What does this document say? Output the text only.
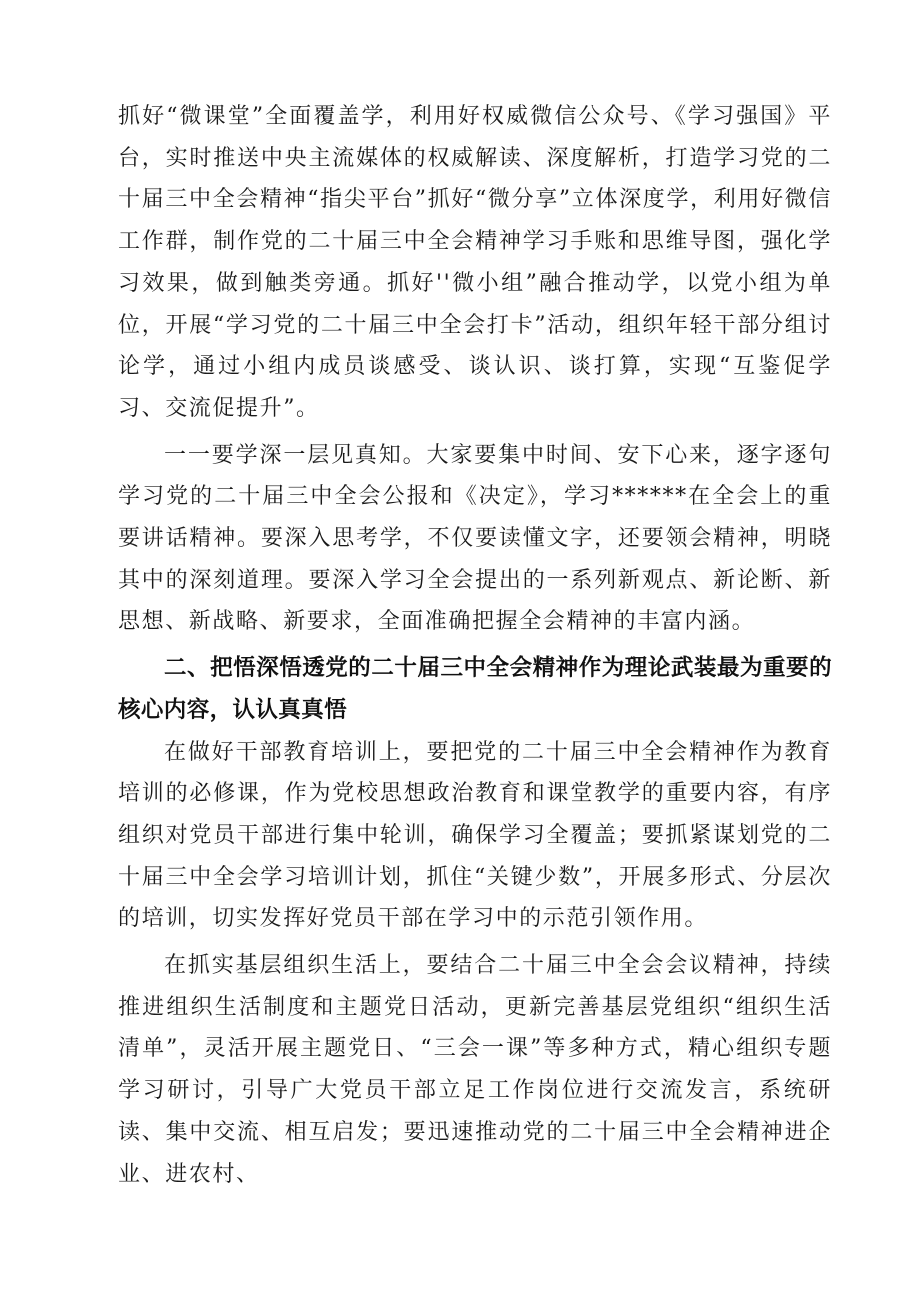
抓好“微课堂”全面覆盖学，利用好权威微信公众号、《学习强国》平台，实时推送中央主流媒体的权威解读、深度解析，打造学习党的二十届三中全会精神“指尖平台”抓好“微分享”立体深度学，利用好微信工作群，制作党的二十届三中全会精神学习手账和思维导图，强化学习效果，做到触类旁通。抓好''微小组”融合推动学，以党小组为单位，开展“学习党的二十届三中全会打卡”活动，组织年轻干部分组讨论学，通过小组内成员谈感受、谈认识、谈打算，实现“互鉴促学习、交流促提升”。

一一要学深一层见真知。大家要集中时间、安下心来，逐字逐句学习党的二十届三中全会公报和《决定》，学习******在全会上的重要讲话精神。要深入思考学，不仅要读懂文字，还要领会精神，明晓其中的深刻道理。要深入学习全会提出的一系列新观点、新论断、新思想、新战略、新要求，全面准确把握全会精神的丰富内涵。

二、把悟深悟透党的二十届三中全会精神作为理论武装最为重要的核心内容，认认真真悟

在做好干部教育培训上，要把党的二十届三中全会精神作为教育培训的必修课，作为党校思想政治教育和课堂教学的重要内容，有序组织对党员干部进行集中轮训，确保学习全覆盖；要抓紧谋划党的二十届三中全会学习培训计划，抓住“关键少数”，开展多形式、分层次的培训，切实发挥好党员干部在学习中的示范引领作用。

在抓实基层组织生活上，要结合二十届三中全会会议精神，持续推进组织生活制度和主题党日活动，更新完善基层党组织“组织生活清单”，灵活开展主题党日、“三会一课”等多种方式，精心组织专题学习研讨，引导广大党员干部立足工作岗位进行交流发言，系统研读、集中交流、相互启发；要迅速推动党的二十届三中全会精神进企业、进农村、
